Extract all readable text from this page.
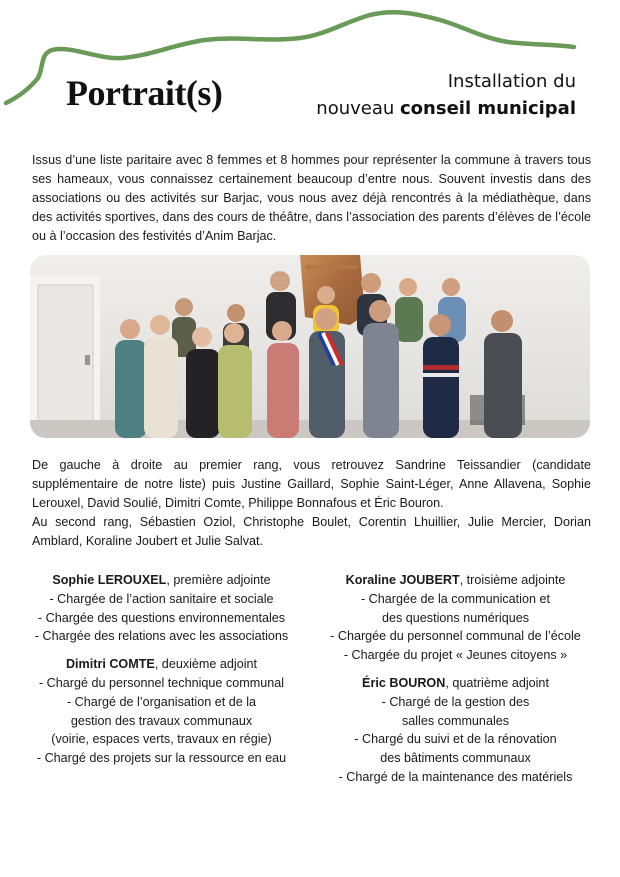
Portrait(s)	Installation du
nouveau conseil municipal

Issus d’une liste paritaire avec 8 femmes et 8 hommes pour représenter la commune à travers tous ses hameaux, vous connaissez certainement beaucoup d’entre nous. Souvent investis dans des associations ou des activités sur Barjac, vous nous avez déjà rencontrés à la médiathèque, dans des activités sportives, dans des cours de théâtre, dans l’association des parents d’élèves de l’école ou à l’occasion des festivités d’Anim Barjac.

De gauche à droite au premier rang, vous retrouvez Sandrine Teissandier (candidate supplémentaire de notre liste) puis Justine Gaillard, Sophie Saint-Léger, Anne Allavena, Sophie Lerouxel, David Soulié, Dimitri Comte, Philippe Bonnafous et Éric Bouron.
Au second rang, Sébastien Oziol, Christophe Boulet, Corentin Lhuillier, Julie Mercier, Dorian Amblard, Koraline Joubert et Julie Salvat.
Sophie LEROUXEL, première adjointe
- Chargée de l’action sanitaire et sociale
- Chargée des questions environnementales
- Chargée des relations avec les associations
Dimitri COMTE, deuxième adjoint
- Chargé du personnel technique communal
- Chargé de l’organisation et de la gestion des travaux communaux
(voirie, espaces verts, travaux en régie)
- Chargé des projets sur la ressource en eau
Koraline JOUBERT, troisième adjointe
- Chargée de la communication et des questions numériques
- Chargée du personnel communal de l’école
- Chargée du projet « Jeunes citoyens »
Éric BOURON, quatrième adjoint
- Chargé de la gestion des salles communales
- Chargé du suivi et de la rénovation des bâtiments communaux
- Chargé de la maintenance des matériels
